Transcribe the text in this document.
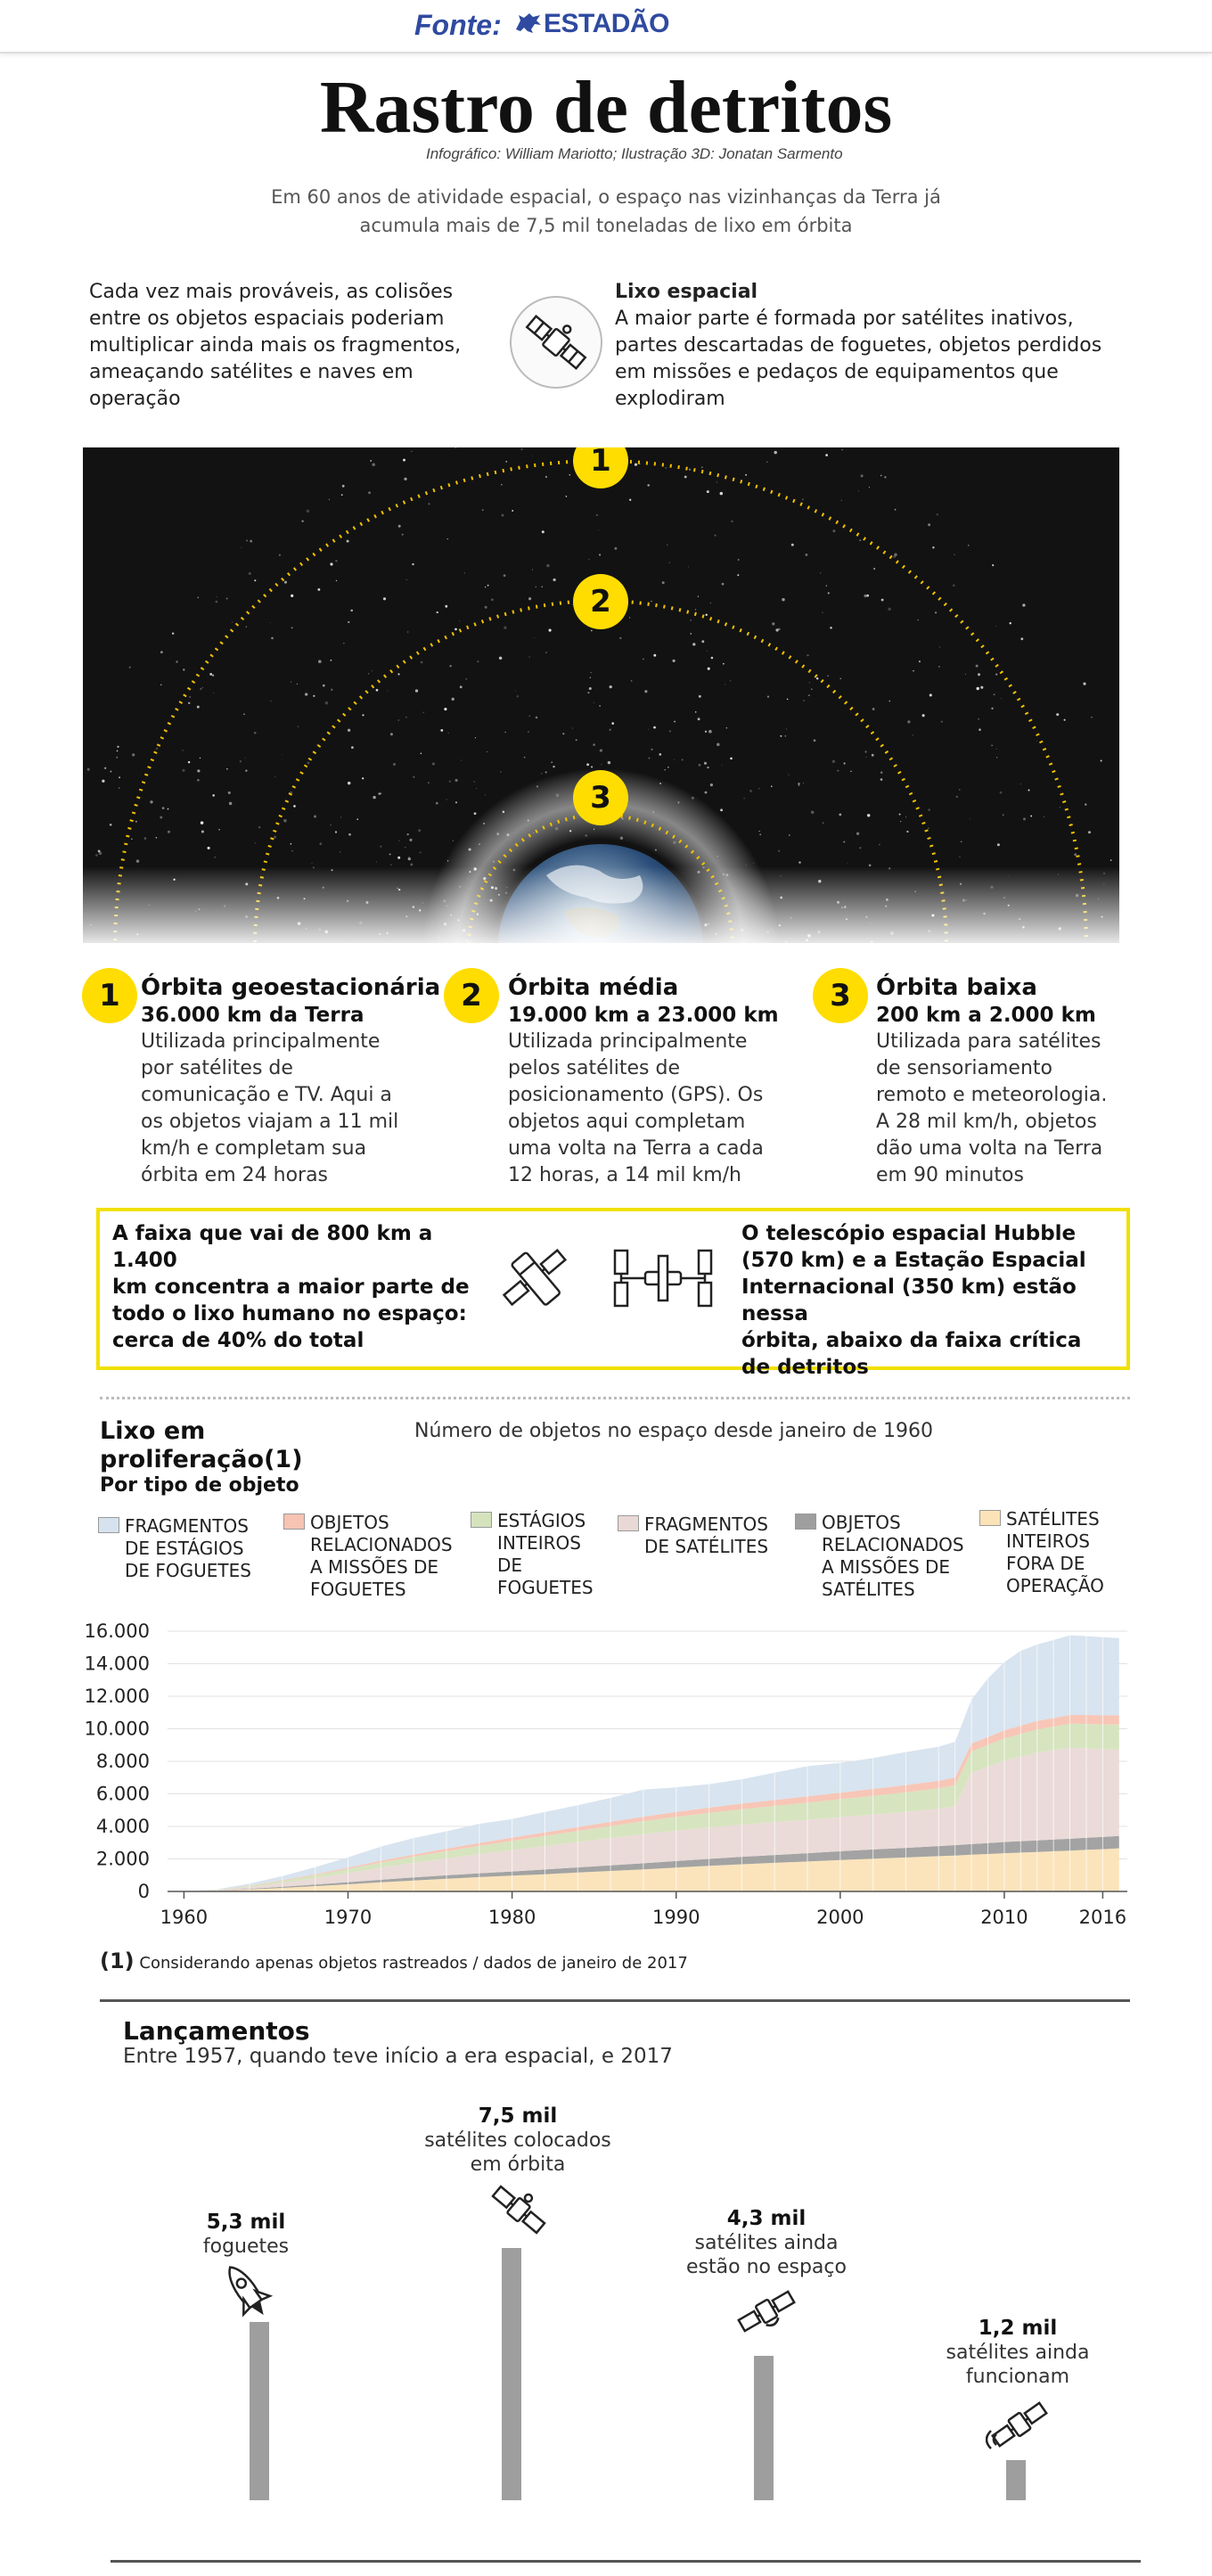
Fonte:	ESTADÃO
Rastro de detritos
Infográfico: William Mariotto; Ilustração 3D: Jonatan Sarmento
Em 60 anos de atividade espacial, o espaço nas vizinhanças da Terra já acumula mais de 7,5 mil toneladas de lixo em órbita
Cada vez mais prováveis, as colisões entre os objetos espaciais poderiam multiplicar ainda mais os fragmentos, ameaçando satélites e naves em operação
Lixo espacial
A maior parte é formada por satélites inativos, partes descartadas de foguetes, objetos perdidos em missões e pedaços de equipamentos que explodiram
1
2
3
1 Órbita geoestacionária
36.000 km da Terra
Utilizada principalmente
por satélites de
comunicação e TV. Aqui a
os objetos viajam a 11 mil
km/h e completam sua
órbita em 24 horas
2	Órbita média
19.000 km a 23.000 km
Utilizada principalmente
pelos satélites de
posicionamento (GPS). Os
objetos aqui completam
uma volta na Terra a cada
12 horas, a 14 mil km/h
3	Órbita baixa
200 km a 2.000 km
Utilizada para satélites
de sensoriamento
remoto e meteorologia.
A 28 mil km/h, objetos
dão uma volta na Terra
em 90 minutos
A faixa que vai de 800 km a 1.400
km concentra a maior parte de
todo o lixo humano no espaço:
cerca de 40% do total
O telescópio espacial Hubble
(570 km) e a Estação Espacial
Internacional (350 km) estão nessa
órbita, abaixo da faixa crítica
de detritos
Lixo em
proliferação(1)
Por tipo de objeto
Número de objetos no espaço desde janeiro de 1960
FRAGMENTOS
DE ESTÁGIOS
DE FOGUETES
OBJETOS
RELACIONADOS
A MISSÕES DE
FOGUETES
ESTÁGIOS
INTEIROS
DE
FOGUETES
FRAGMENTOS
DE SATÉLITES
OBJETOS
RELACIONADOS
A MISSÕES DE
SATÉLITES
SATÉLITES
INTEIROS
FORA DE
OPERAÇÃO
0
2.000
4.000
6.000
8.000
10.000
12.000
14.000
16.000
1960	1970	1980	1990	2000	2010	2016
(1) Considerando apenas objetos rastreados / dados de janeiro de 2017
Lançamentos
Entre 1957, quando teve início a era espacial, e 2017
5,3 mil
foguetes
7,5 mil
satélites colocados
em órbita
4,3 mil
satélites ainda
estão no espaço
1,2 mil
satélites ainda
funcionam
